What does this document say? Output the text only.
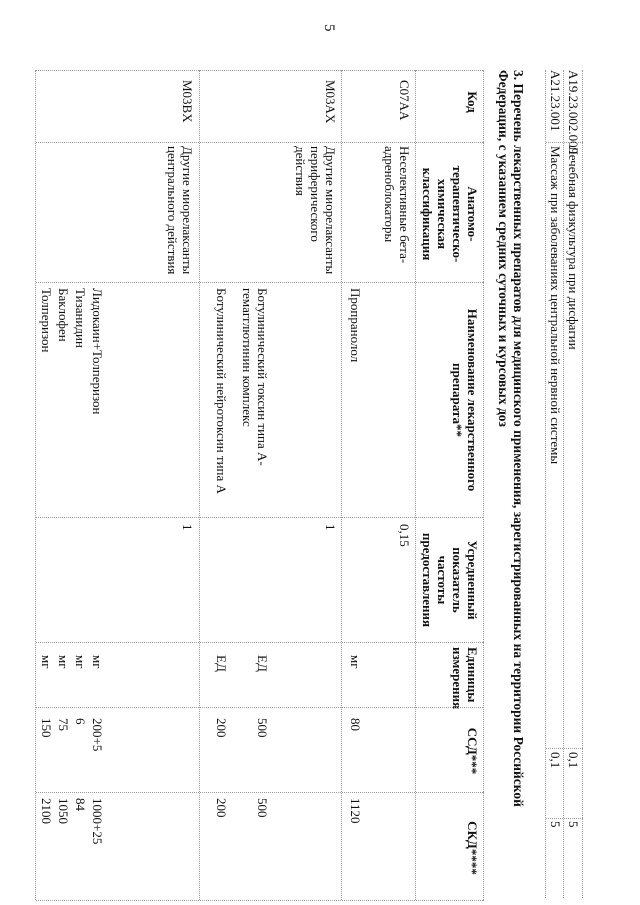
5
A19.23.002.009
Лечебная физкультура при дисфагии
0,1
5
A21.23.001
Массаж при заболеваниях центральной нервной системы
0,1
5
3. Перечень лекарственных препаратов для медицинского применения, зарегистрированных на территории Российской Федерации, с указанием средних суточных и курсовых доз
Код
Анатомо-терапевтическо-химическая классификация
Наименование лекарственного препарата**
Усредненный показатель частоты предоставления
Единицы измерения
ССД***
СКД****
C07AA
Неселективные бета-адреноблокаторы
0,15
Пропранолол
мг
80
1120
M03AX
Другие миорелаксанты периферического действия
1
Ботулинический токсин типа A-гемагглютинин комплекс
ЕД
500
500
Ботулинический нейротоксин типа А
ЕД
200
200
M03BX
Другие миорелаксанты центрального действия
1
Лидокаин+Толперизон
мг
200+5
1000+25
Тизанидин
мг
6
84
Баклофен
мг
75
1050
Толперизон
мг
150
2100
